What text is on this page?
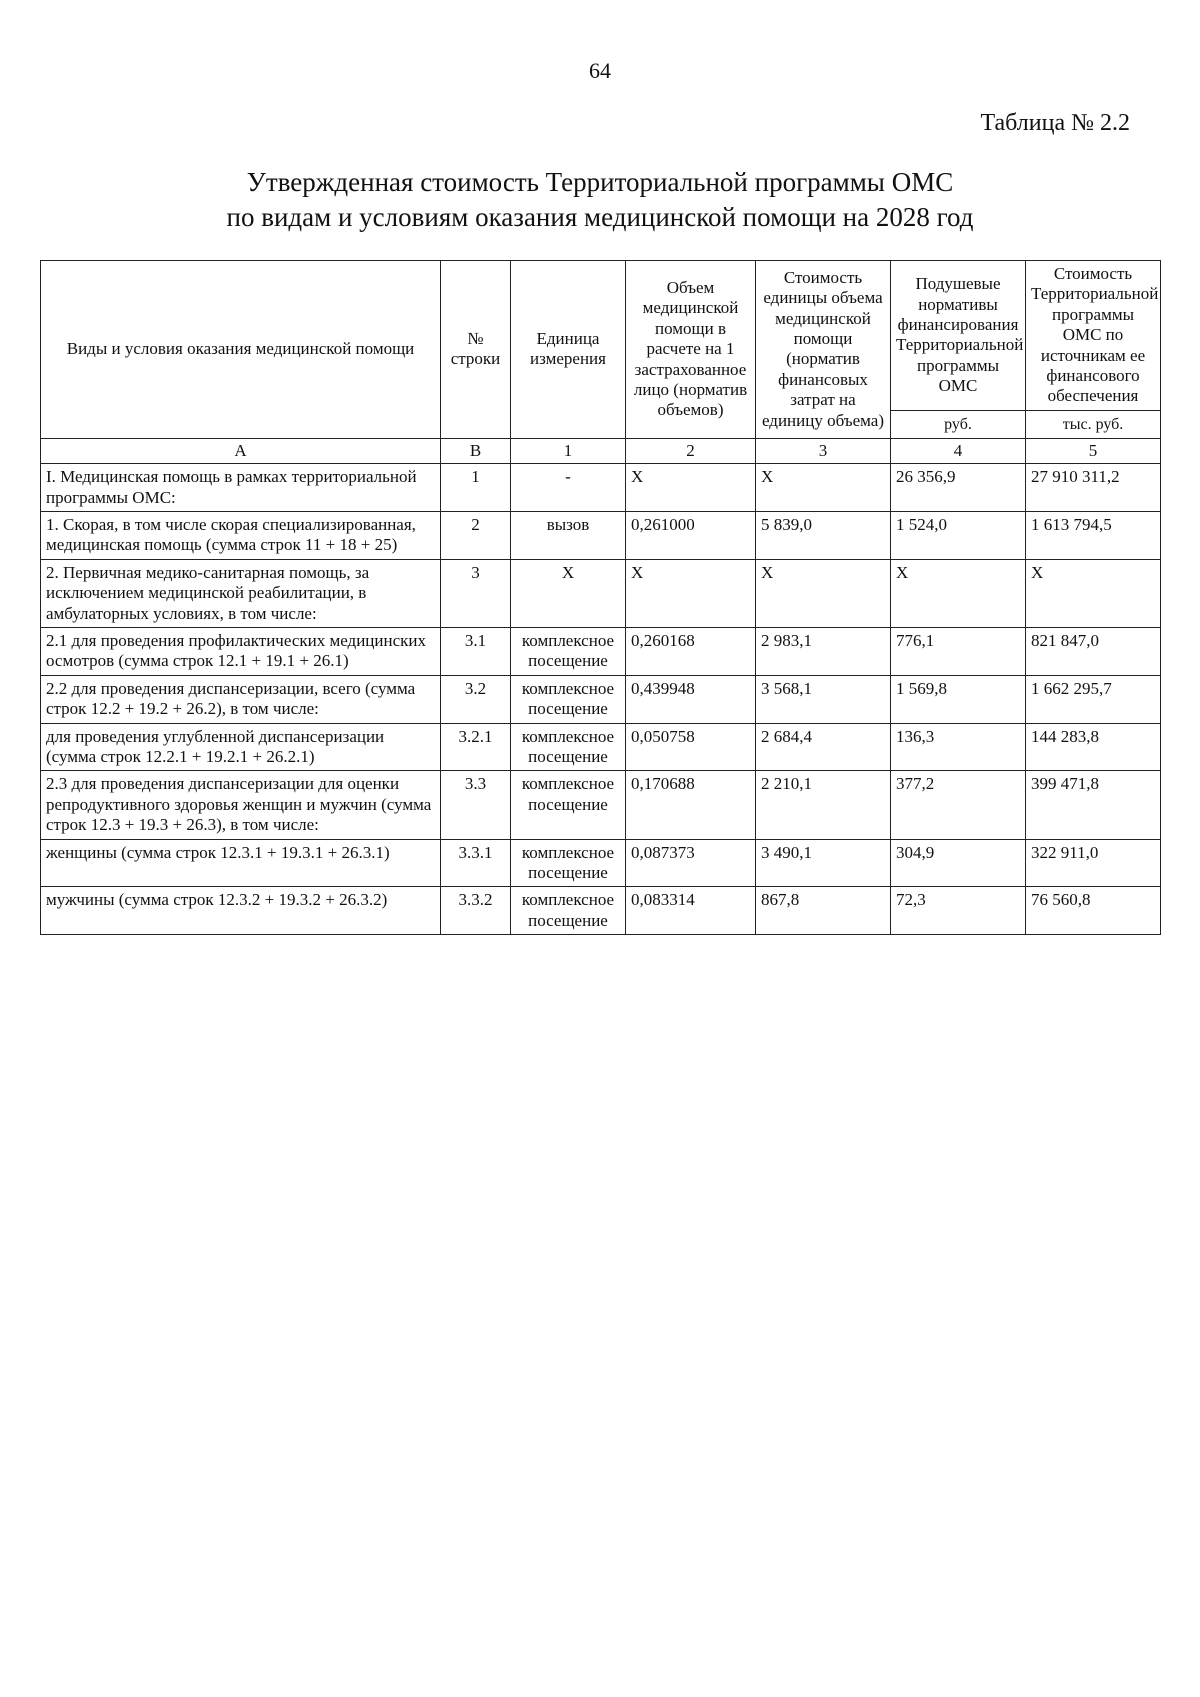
64
Таблица № 2.2
Утвержденная стоимость Территориальной программы ОМС
по видам и условиям оказания медицинской помощи на 2028 год
Виды и условия оказания медицинской помощи	№ строки	Единица измерения	Объем медицинской помощи в расчете на 1 застрахованное лицо (норматив объемов)	Стоимость единицы объема медицинской помощи (норматив финансовых затрат на единицу объема)	Подушевые нормативы финансирования Территориальной программы ОМС	Стоимость Территориальной программы ОМС по источникам ее финансового обеспечения
					руб.	тыс. руб.
А	В	1	2	3	4	5
I. Медицинская помощь в рамках территориальной программы ОМС:	1	-	Х	Х	26 356,9	27 910 311,2
1. Скорая, в том числе скорая специализированная, медицинская помощь (сумма строк 11 + 18 + 25)	2	вызов	0,261000	5 839,0	1 524,0	1 613 794,5
2. Первичная медико-санитарная помощь, за исключением медицинской реабилитации, в амбулаторных условиях, в том числе:	3	Х	Х	Х	Х	Х
2.1 для проведения профилактических медицинских осмотров (сумма строк 12.1 + 19.1 + 26.1)	3.1	комплексное посещение	0,260168	2 983,1	776,1	821 847,0
2.2 для проведения диспансеризации, всего (сумма строк 12.2 + 19.2 + 26.2), в том числе:	3.2	комплексное посещение	0,439948	3 568,1	1 569,8	1 662 295,7
для проведения углубленной диспансеризации (сумма строк 12.2.1 + 19.2.1 + 26.2.1)	3.2.1	комплексное посещение	0,050758	2 684,4	136,3	144 283,8
2.3 для проведения диспансеризации для оценки репродуктивного здоровья женщин и мужчин (сумма строк 12.3 + 19.3 + 26.3), в том числе:	3.3	комплексное посещение	0,170688	2 210,1	377,2	399 471,8
женщины (сумма строк 12.3.1 + 19.3.1 + 26.3.1)	3.3.1	комплексное посещение	0,087373	3 490,1	304,9	322 911,0
мужчины (сумма строк 12.3.2 + 19.3.2 + 26.3.2)	3.3.2	комплексное посещение	0,083314	867,8	72,3	76 560,8
